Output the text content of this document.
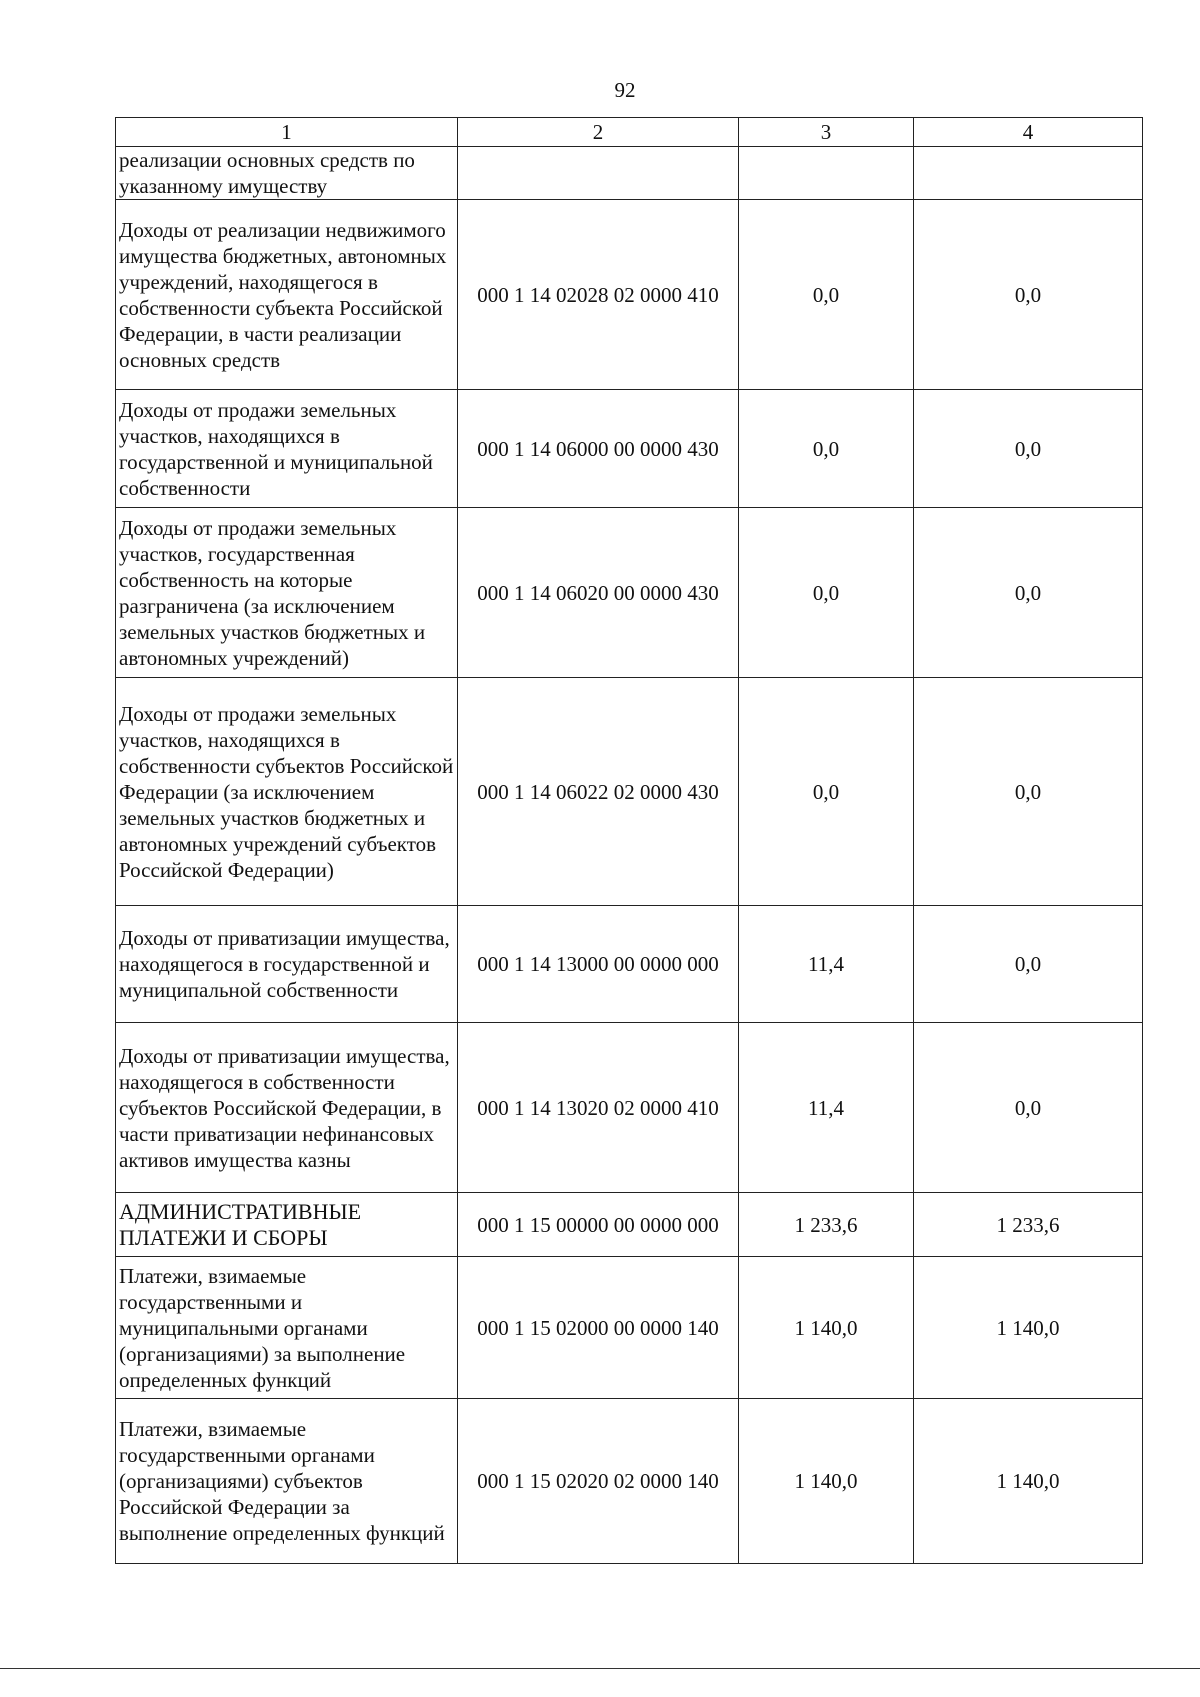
92
1	2	3	4
реализации основных средств по указанному имуществу			
Доходы от реализации недвижимого имущества бюджетных, автономных учреждений, находящегося в собственности субъекта Российской Федерации, в части реализации основных средств	000 1 14 02028 02 0000 410	0,0	0,0
Доходы от продажи земельных участков, находящихся в государственной и муниципальной собственности	000 1 14 06000 00 0000 430	0,0	0,0
Доходы от продажи земельных участков, государственная собственность на которые разграничена (за исключением земельных участков бюджетных и автономных учреждений)	000 1 14 06020 00 0000 430	0,0	0,0
Доходы от продажи земельных участков, находящихся в собственности субъектов Российской Федерации (за исключением земельных участков бюджетных и автономных учреждений субъектов Российской Федерации)	000 1 14 06022 02 0000 430	0,0	0,0
Доходы от приватизации имущества, находящегося в государственной и муниципальной собственности	000 1 14 13000 00 0000 000	11,4	0,0
Доходы от приватизации имущества, находящегося в собственности субъектов Российской Федерации, в части приватизации нефинансовых активов имущества казны	000 1 14 13020 02 0000 410	11,4	0,0
АДМИНИСТРАТИВНЫЕ ПЛАТЕЖИ И СБОРЫ	000 1 15 00000 00 0000 000	1 233,6	1 233,6
Платежи, взимаемые государственными и муниципальными органами (организациями) за выполнение определенных функций	000 1 15 02000 00 0000 140	1 140,0	1 140,0
Платежи, взимаемые государственными органами (организациями) субъектов Российской Федерации за выполнение определенных функций	000 1 15 02020 02 0000 140	1 140,0	1 140,0
